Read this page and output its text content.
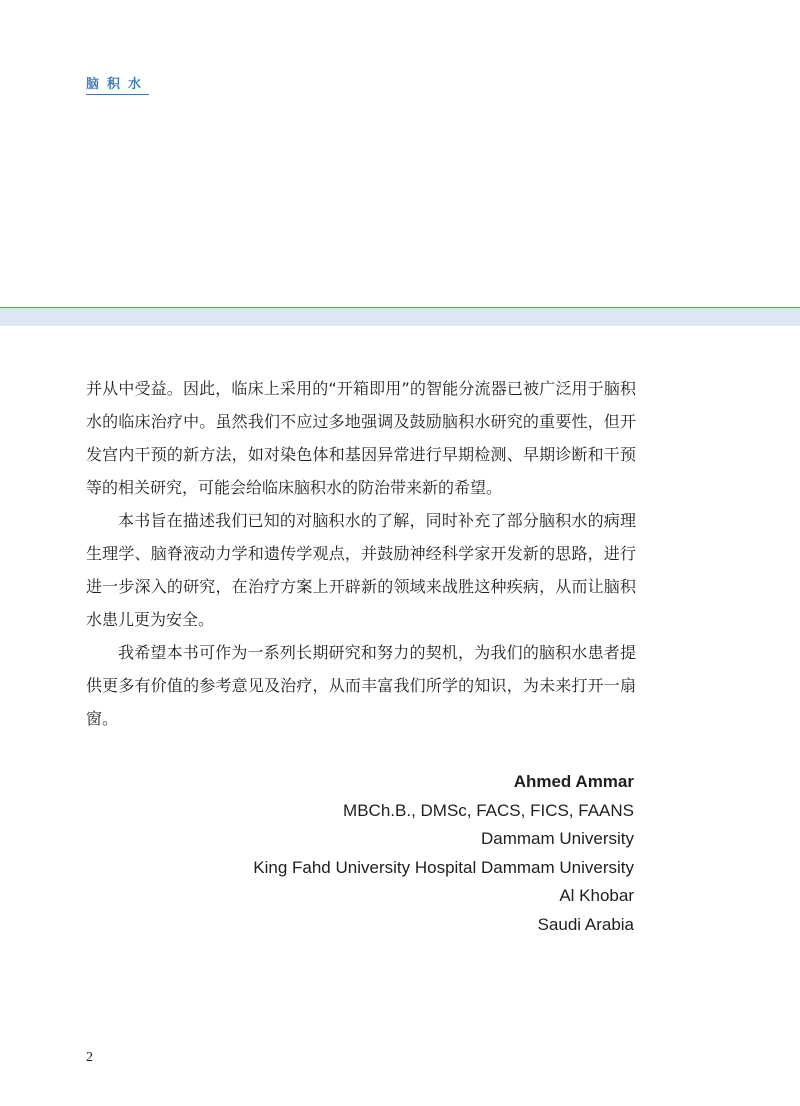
脑积水

并从中受益。因此，临床上采用的“开箱即用”的智能分流器已被广泛用于脑积水的临床治疗中。虽然我们不应过多地强调及鼓励脑积水研究的重要性，但开发宫内干预的新方法，如对染色体和基因异常进行早期检测、早期诊断和干预等的相关研究，可能会给临床脑积水的防治带来新的希望。

本书旨在描述我们已知的对脑积水的了解，同时补充了部分脑积水的病理生理学、脑脊液动力学和遗传学观点，并鼓励神经科学家开发新的思路，进行进一步深入的研究，在治疗方案上开辟新的领域来战胜这种疾病，从而让脑积水患儿更为安全。

我希望本书可作为一系列长期研究和努力的契机，为我们的脑积水患者提供更多有价值的参考意见及治疗，从而丰富我们所学的知识，为未来打开一扇窗。

Ahmed Ammar
MBCh.B., DMSc, FACS, FICS, FAANS
Dammam University
King Fahd University Hospital Dammam University
Al Khobar
Saudi Arabia
2
